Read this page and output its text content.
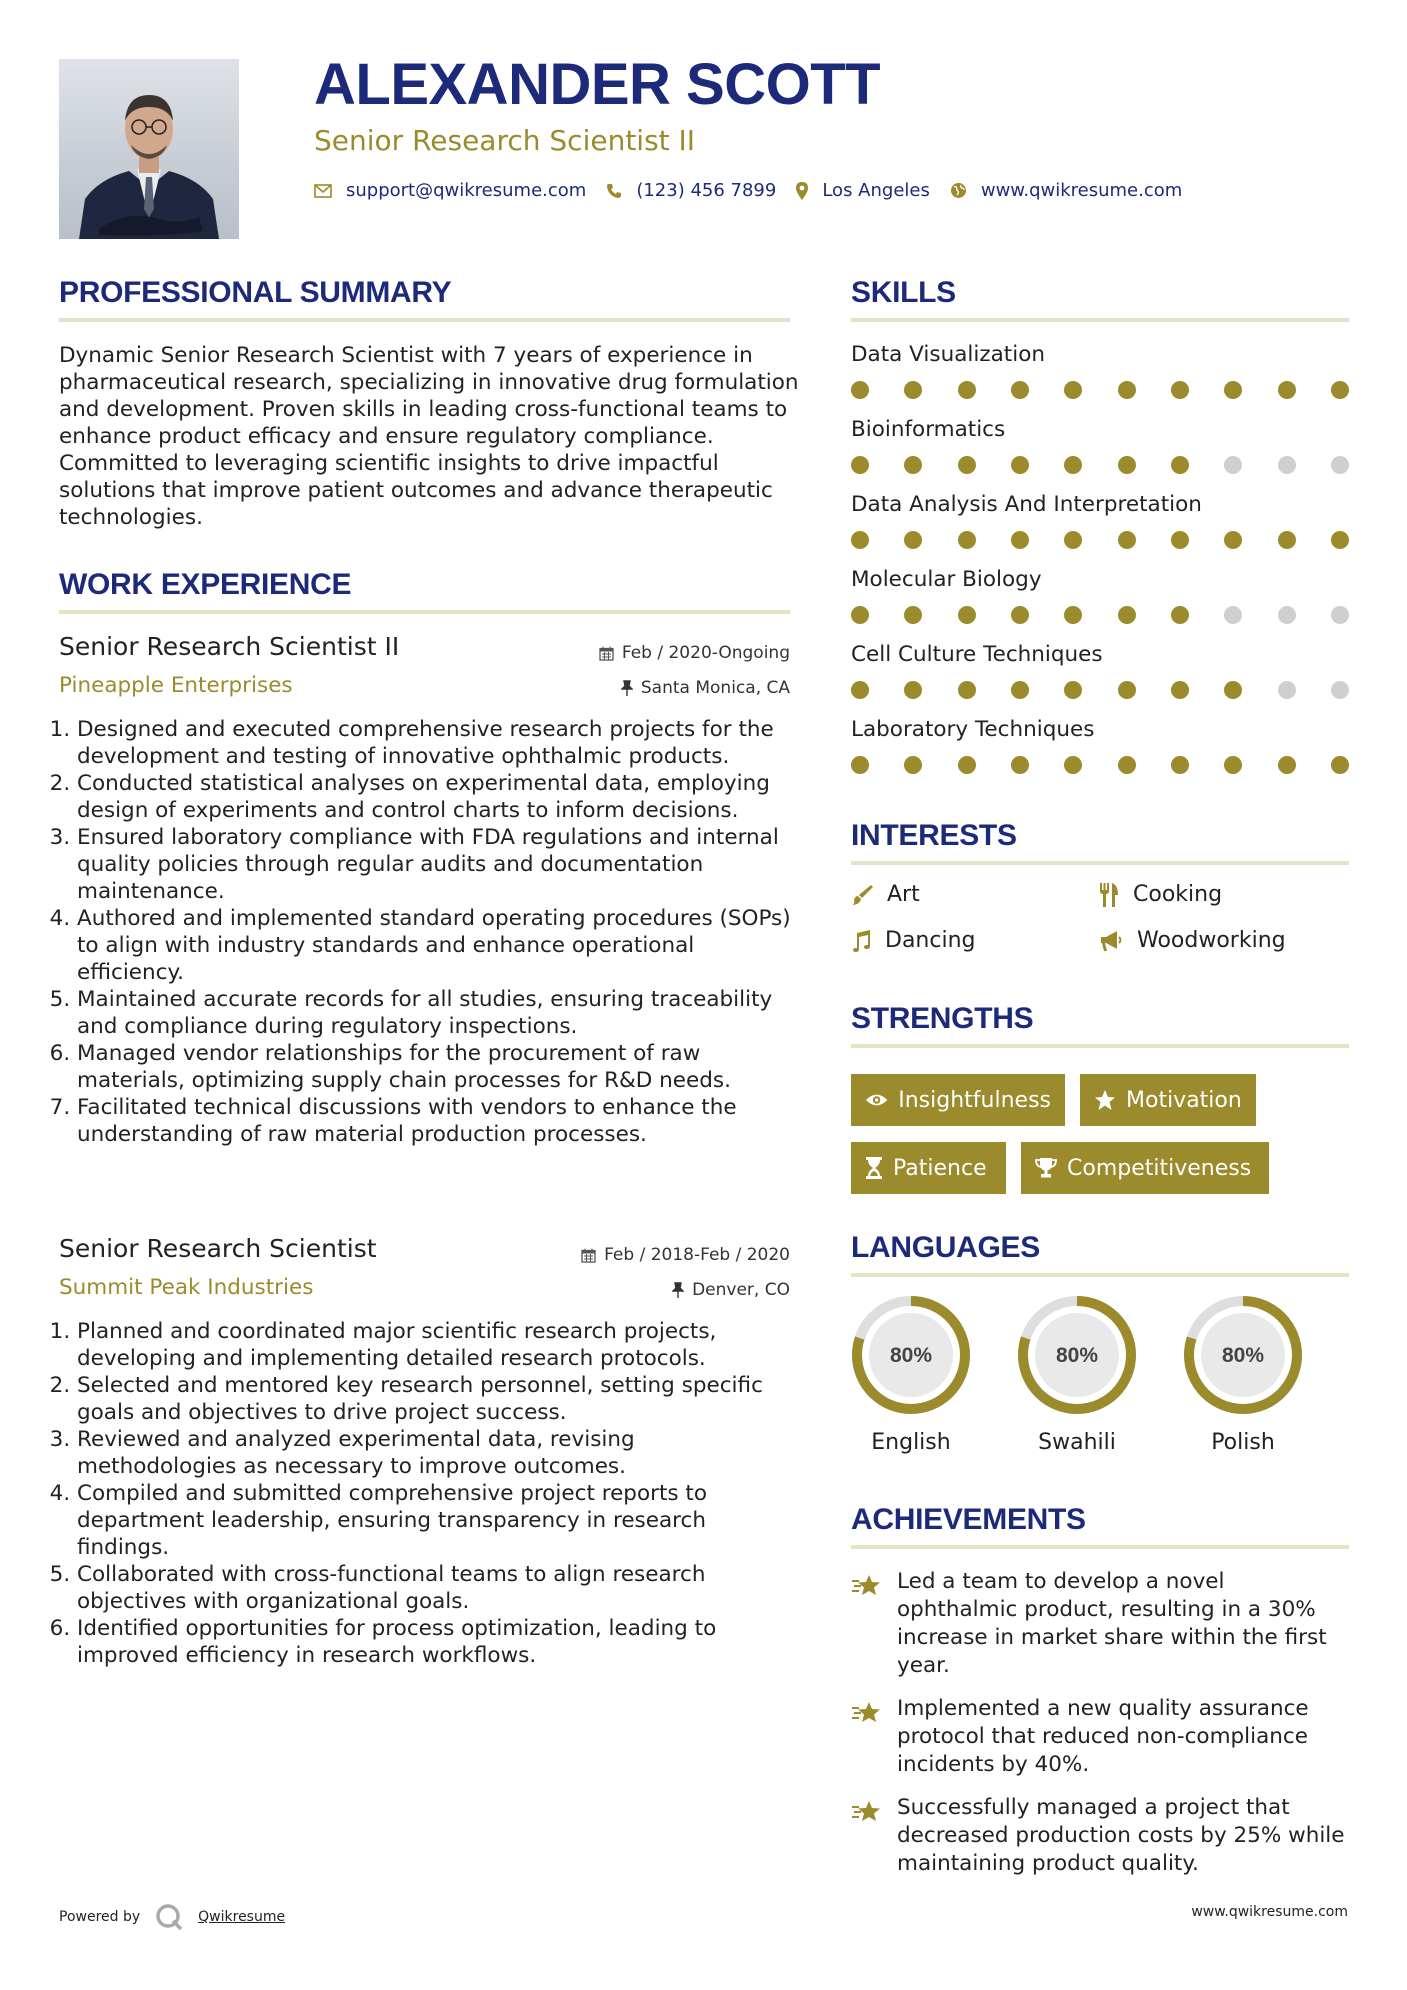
ALEXANDER SCOTT
Senior Research Scientist II
support@qwikresume.com	(123) 456 7899	Los Angeles	www.qwikresume.com
PROFESSIONAL SUMMARY
Dynamic Senior Research Scientist with 7 years of experience in pharmaceutical research, specializing in innovative drug formulation and development. Proven skills in leading cross-functional teams to enhance product efficacy and ensure regulatory compliance. Committed to leveraging scientific insights to drive impactful solutions that improve patient outcomes and advance therapeutic technologies.
WORK EXPERIENCE
Senior Research Scientist II
Pineapple Enterprises
Feb / 2020-Ongoing
Santa Monica, CA
1. Designed and executed comprehensive research projects for the development and testing of innovative ophthalmic products.
2. Conducted statistical analyses on experimental data, employing design of experiments and control charts to inform decisions.
3. Ensured laboratory compliance with FDA regulations and internal quality policies through regular audits and documentation maintenance.
4. Authored and implemented standard operating procedures (SOPs) to align with industry standards and enhance operational efficiency.
5. Maintained accurate records for all studies, ensuring traceability and compliance during regulatory inspections.
6. Managed vendor relationships for the procurement of raw materials, optimizing supply chain processes for R&D needs.
7. Facilitated technical discussions with vendors to enhance the understanding of raw material production processes.
Senior Research Scientist
Summit Peak Industries
Feb / 2018-Feb / 2020
Denver, CO
1. Planned and coordinated major scientific research projects, developing and implementing detailed research protocols.
2. Selected and mentored key research personnel, setting specific goals and objectives to drive project success.
3. Reviewed and analyzed experimental data, revising methodologies as necessary to improve outcomes.
4. Compiled and submitted comprehensive project reports to department leadership, ensuring transparency in research findings.
5. Collaborated with cross-functional teams to align research objectives with organizational goals.
6. Identified opportunities for process optimization, leading to improved efficiency in research workflows.
SKILLS
Data Visualization
Bioinformatics
Data Analysis And Interpretation
Molecular Biology
Cell Culture Techniques
Laboratory Techniques
INTERESTS
Art	Cooking
Dancing	Woodworking
STRENGTHS
Insightfulness	Motivation
Patience	Competitiveness
LANGUAGES
80%
English
80%
Swahili
80%
Polish
ACHIEVEMENTS
Led a team to develop a novel ophthalmic product, resulting in a 30% increase in market share within the first year.
Implemented a new quality assurance protocol that reduced non-compliance incidents by 40%.
Successfully managed a project that decreased production costs by 25% while maintaining product quality.
Powered by	Qwikresume	www.qwikresume.com
